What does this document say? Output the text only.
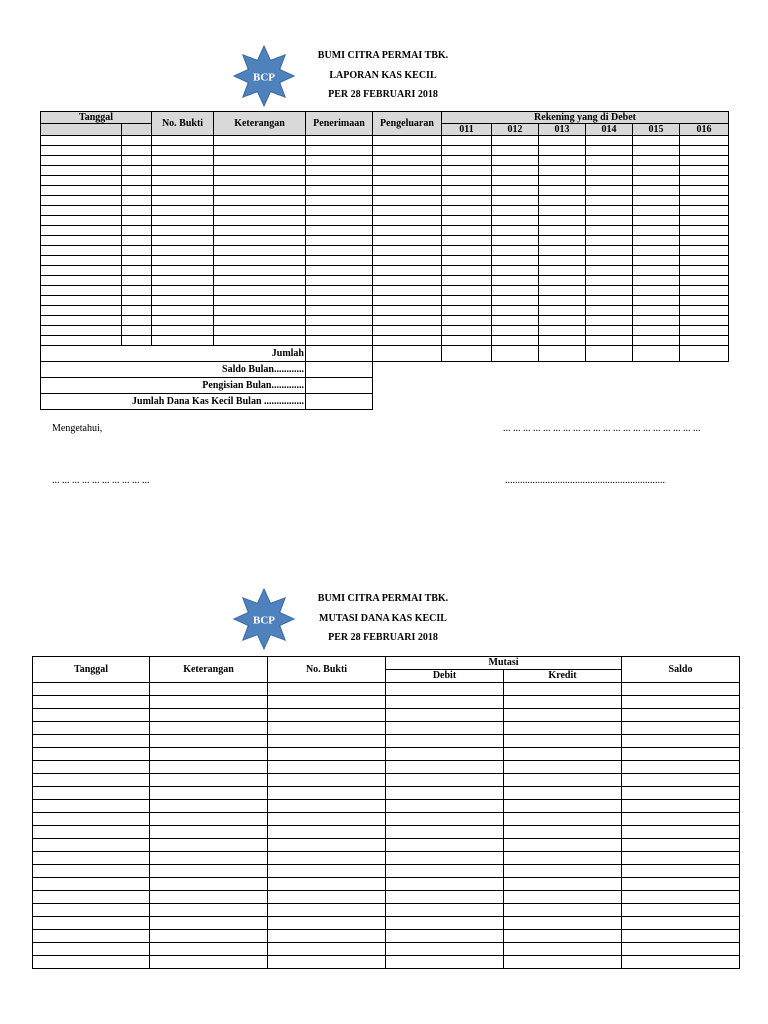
BCP
BUMI CITRA PERMAI TBK.
LAPORAN KAS KECIL
PER 28 FEBRUARI 2018
Tanggal		No. Bukti	Keterangan	Penerimaan	Pengeluaran	Rekening yang di Debet					
						011	012	013	014	015	016

Jumlah											
Saldo Bulan............											
Pengisian Bulan.............											
Jumlah Dana Kas Kecil Bulan ................											
Mengetahui,	... ... ... ... ... ... ... ... ... ... ... ... ... ... ... ... ... ... ... ...
... ... ... ... ... ... ... ... ... ...	................................................................
BCP
BUMI CITRA PERMAI TBK.
MUTASI DANA KAS KECIL
PER 28 FEBRUARI 2018
Tanggal	Keterangan	No. Bukti	Mutasi		Saldo
			Debit	Kredit	
